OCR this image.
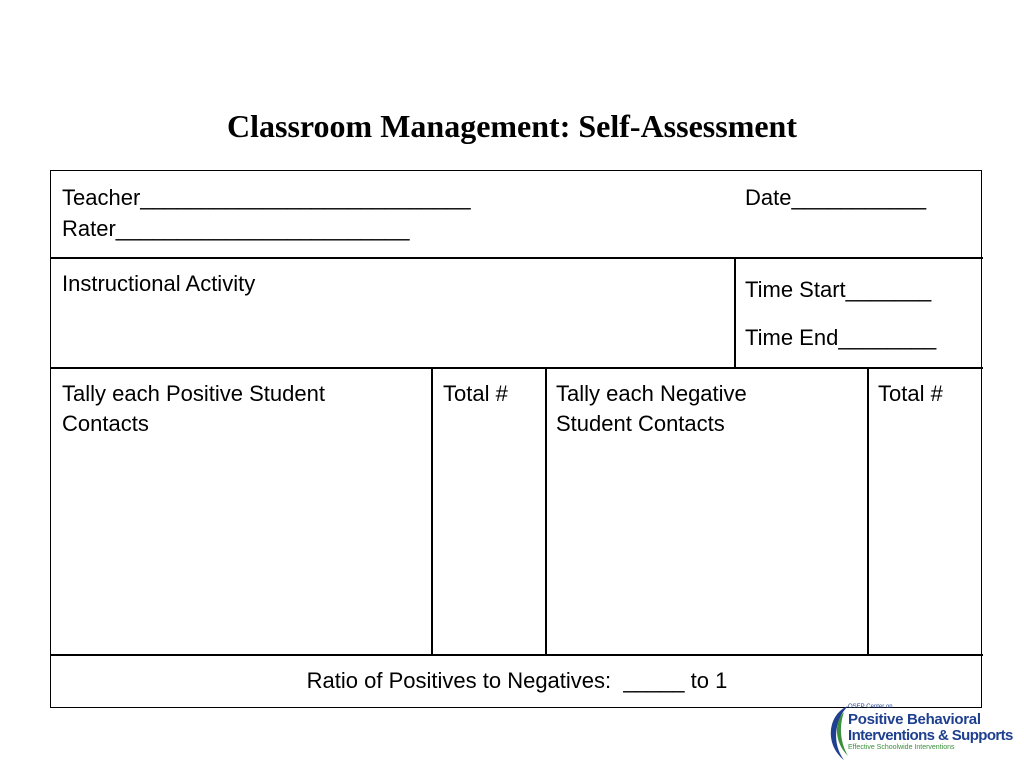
Classroom Management: Self-Assessment
Teacher___________________________	Date___________
Rater________________________
Instructional Activity	Time Start_______
Time End________
Tally each Positive Student Contacts
Total # Tally each Negative Student Contacts
Total #
Ratio of Positives to Negatives:  _____ to 1
OSEP Center on
Positive Behavioral
Interventions & Supports
Effective Schoolwide Interventions
